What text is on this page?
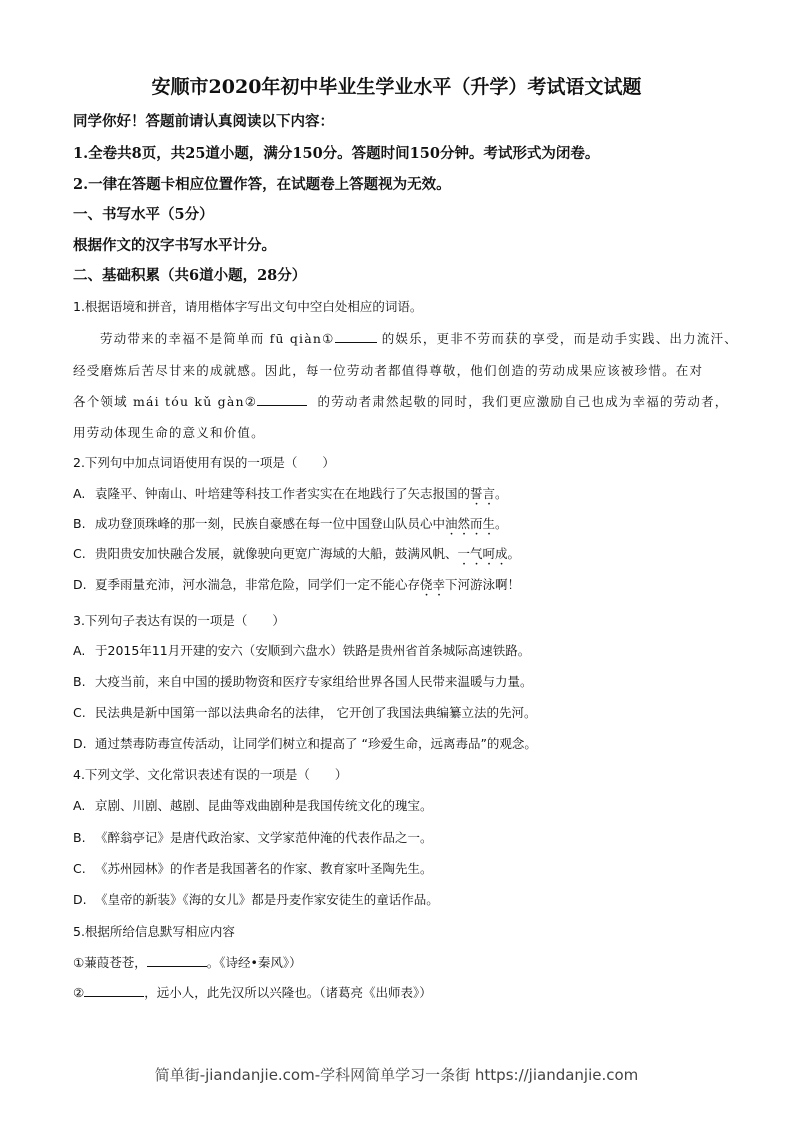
安顺市2020年初中毕业生学业水平（升学）考试语文试题
同学你好！答题前请认真阅读以下内容：
1.全卷共8页，共25道小题，满分150分。答题时间150分钟。考试形式为闭卷。
2.一律在答题卡相应位置作答，在试题卷上答题视为无效。
一、书写水平（5分）
根据作文的汉字书写水平计分。
二、基础积累（共6道小题，28分）
1.根据语境和拼音，请用楷体字写出文句中空白处相应的词语。
劳动带来的幸福不是简单而 fū qiàn①	的娱乐，更非不劳而获的享受，而是动手实践、出力流汗、
经受磨炼后苦尽甘来的成就感。因此，每一位劳动者都值得尊敬，他们创造的劳动成果应该被珍惜。在对
各个领域 mái tóu kǔ gàn②	的劳动者肃然起敬的同时，我们更应激励自己也成为幸福的劳动者，
用劳动体现生命的意义和价值。
2.下列句中加点词语使用有误的一项是（　　）
A. 袁隆平、钟南山、叶培建等科技工作者实实在在地践行了矢志报国的誓言。
B. 成功登顶珠峰的那一刻，民族自豪感在每一位中国登山队员心中油然而生。
C. 贵阳贵安加快融合发展，就像驶向更宽广海域的大船，鼓满风帆、一气呵成。
D. 夏季雨量充沛，河水湍急，非常危险，同学们一定不能心存侥幸下河游泳啊！
3.下列句子表达有误的一项是（　　）
A. 于2015年11月开建的安六（安顺到六盘水）铁路是贵州省首条城际高速铁路。
B. 大疫当前，来自中国的援助物资和医疗专家组给世界各国人民带来温暖与力量。
C. 民法典是新中国第一部以法典命名的法律， 它开创了我国法典编纂立法的先河。
D. 通过禁毒防毒宣传活动，让同学们树立和提高了 “珍爱生命，远离毒品”的观念。
4.下列文学、文化常识表述有误的一项是（　　）
A. 京剧、川剧、越剧、昆曲等戏曲剧种是我国传统文化的瑰宝。
B. 《醉翁亭记》是唐代政治家、文学家范仲淹的代表作品之一。
C. 《苏州园林》的作者是我国著名的作家、教育家叶圣陶先生。
D. 《皇帝的新装》《海的女儿》都是丹麦作家安徒生的童话作品。
5.根据所给信息默写相应内容
①蒹葭苍苍，	。《诗经•秦风》）
②	，远小人，此先汉所以兴隆也。（诸葛亮《出师表》）
简单街-jiandanjie.com-学科网简单学习一条街 https://jiandanjie.com
